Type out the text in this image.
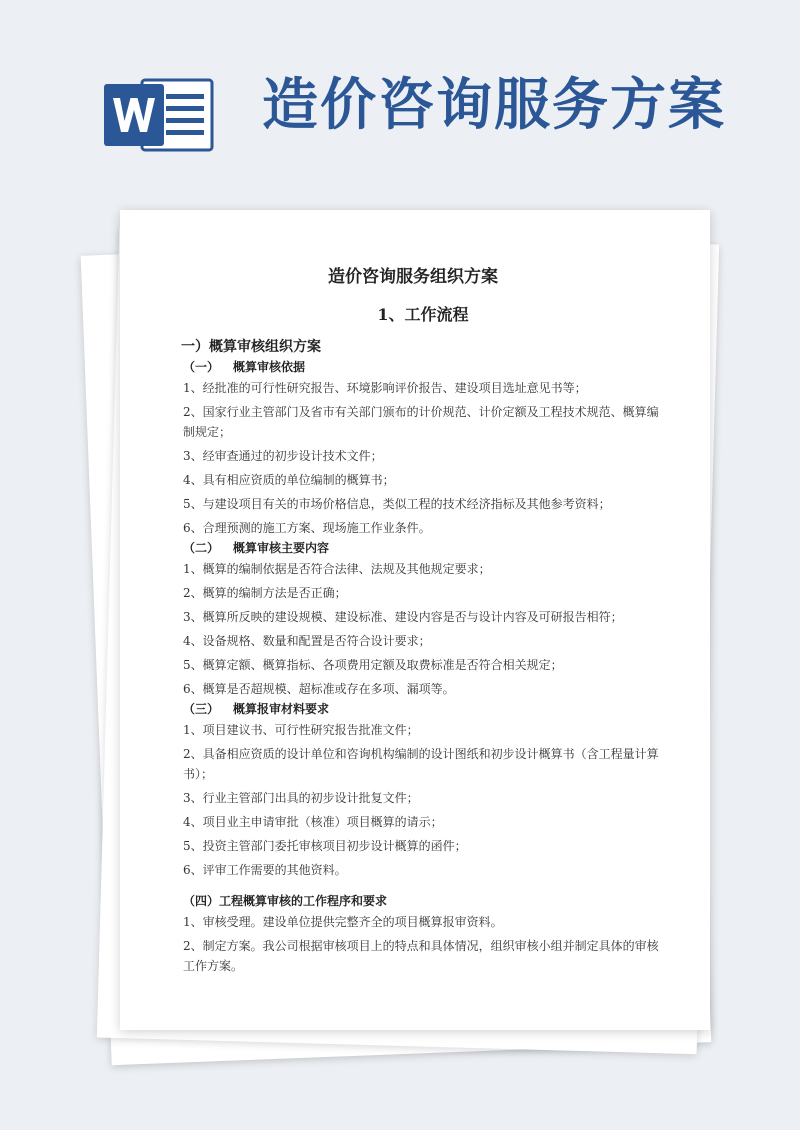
造价咨询服务方案
造价咨询服务组织方案
1、工作流程
一）概算审核组织方案
（一）	概算审核依据
1、经批准的可行性研究报告、环境影响评价报告、建设项目选址意见书等；
2、国家行业主管部门及省市有关部门颁布的计价规范、计价定额及工程技术规范、概算编制规定；
3、经审查通过的初步设计技术文件；
4、具有相应资质的单位编制的概算书；
5、与建设项目有关的市场价格信息，类似工程的技术经济指标及其他参考资料；
6、合理预测的施工方案、现场施工作业条件。
（二）	概算审核主要内容
1、概算的编制依据是否符合法律、法规及其他规定要求；
2、概算的编制方法是否正确；
3、概算所反映的建设规模、建设标准、建设内容是否与设计内容及可研报告相符；
4、设备规格、数量和配置是否符合设计要求；
5、概算定额、概算指标、各项费用定额及取费标准是否符合相关规定；
6、概算是否超规模、超标准或存在多项、漏项等。
（三）	概算报审材料要求
1、项目建议书、可行性研究报告批准文件；
2、具备相应资质的设计单位和咨询机构编制的设计图纸和初步设计概算书（含工程量计算书）；
3、行业主管部门出具的初步设计批复文件；
4、项目业主申请审批（核准）项目概算的请示；
5、投资主管部门委托审核项目初步设计概算的函件；
6、评审工作需要的其他资料。
（四）工程概算审核的工作程序和要求
1、审核受理。建设单位提供完整齐全的项目概算报审资料。
2、制定方案。我公司根据审核项目上的特点和具体情况，组织审核小组并制定具体的审核工作方案。
